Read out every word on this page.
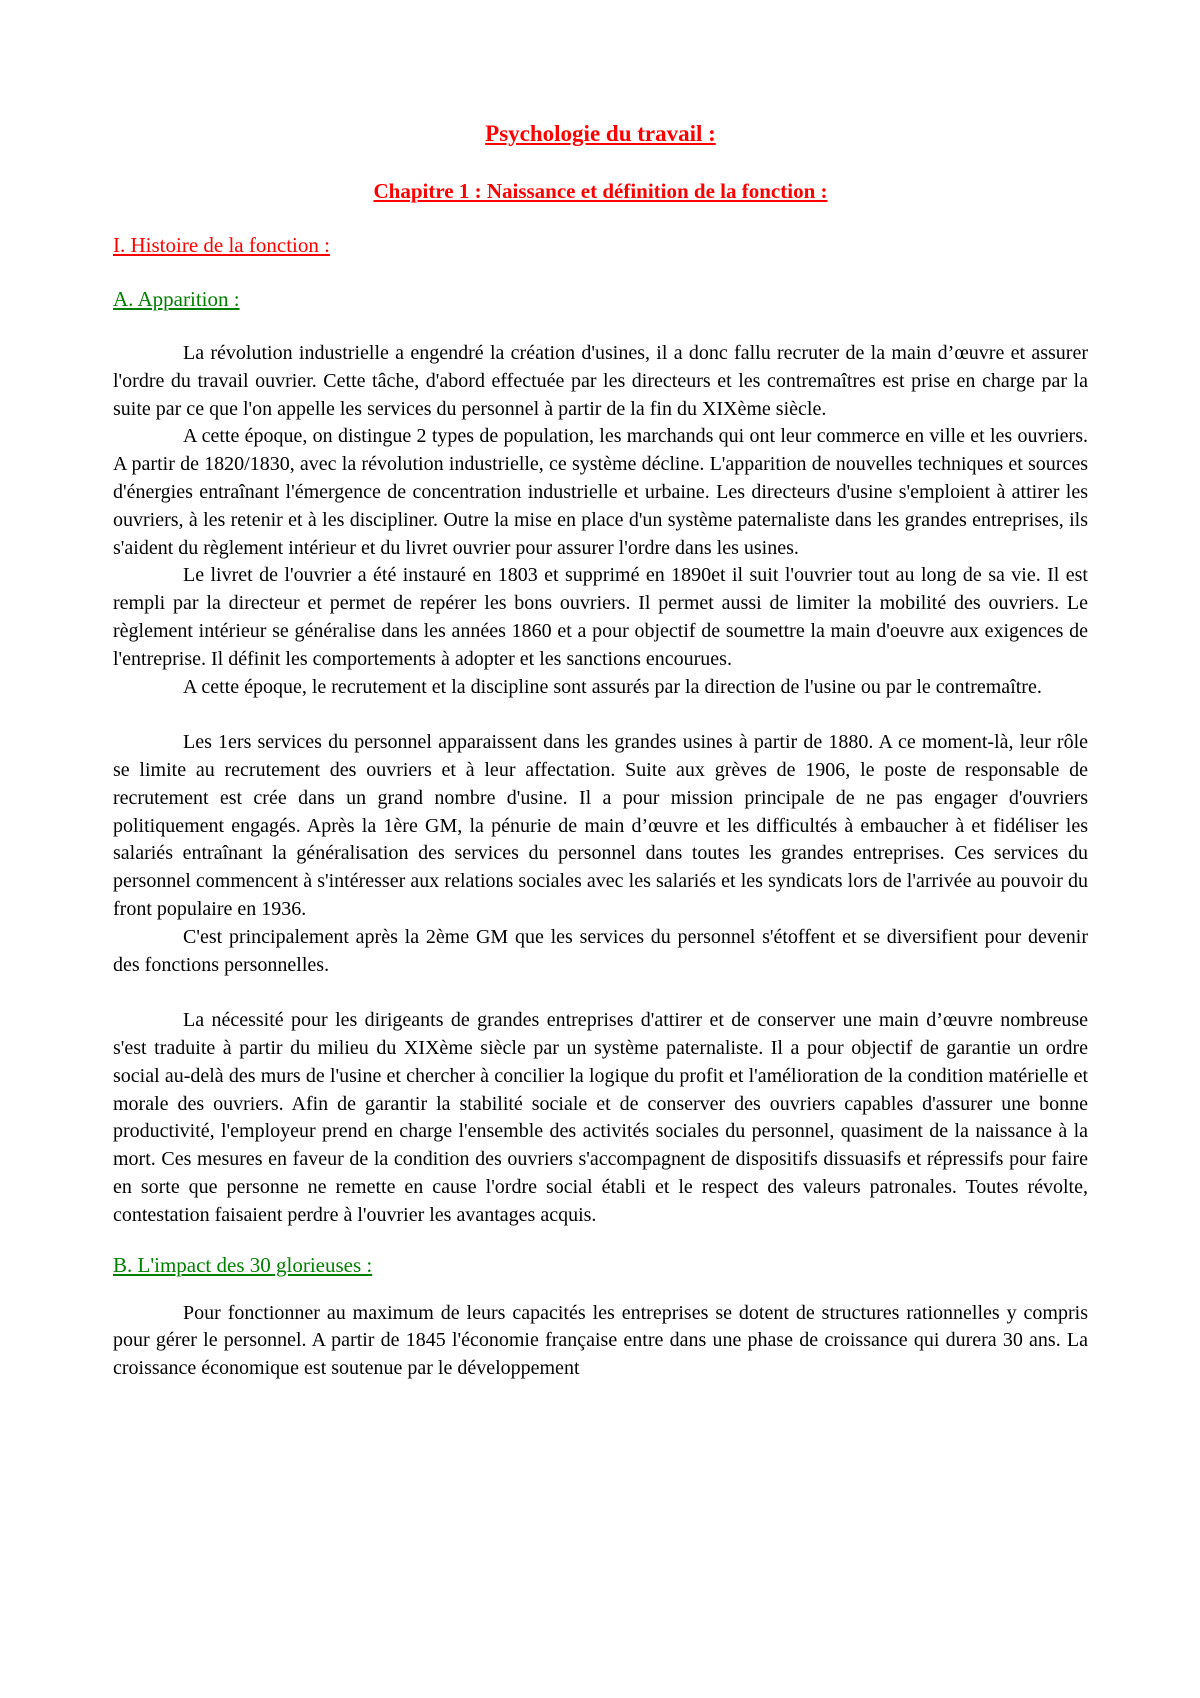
Psychologie du travail :
Chapitre 1 : Naissance et définition de la fonction :
I. Histoire de la fonction :
A. Apparition :

La révolution industrielle a engendré la création d'usines, il a donc fallu recruter de la main d’œuvre et assurer l'ordre du travail ouvrier. Cette tâche, d'abord effectuée par les directeurs et les contremaîtres est prise en charge par la suite par ce que l'on appelle les services du personnel à partir de la fin du XIXème siècle.

A cette époque, on distingue 2 types de population, les marchands qui ont leur commerce en ville et les ouvriers. A partir de 1820/1830, avec la révolution industrielle, ce système décline. L'apparition de nouvelles techniques et sources d'énergies entraînant l'émergence de concentration industrielle et urbaine. Les directeurs d'usine s'emploient à attirer les ouvriers, à les retenir et à les discipliner. Outre la mise en place d'un système paternaliste dans les grandes entreprises, ils s'aident du règlement intérieur et du livret ouvrier pour assurer l'ordre dans les usines.

Le livret de l'ouvrier a été instauré en 1803 et supprimé en 1890et il suit l'ouvrier tout au long de sa vie. Il est rempli par la directeur et permet de repérer les bons ouvriers. Il permet aussi de limiter la mobilité des ouvriers. Le règlement intérieur se généralise dans les années 1860 et a pour objectif de soumettre la main d'oeuvre aux exigences de l'entreprise. Il définit les comportements à adopter et les sanctions encourues.

A cette époque, le recrutement et la discipline sont assurés par la direction de l'usine ou par le contremaître.

Les 1ers services du personnel apparaissent dans les grandes usines à partir de 1880. A ce moment-là, leur rôle se limite au recrutement des ouvriers et à leur affectation. Suite aux grèves de 1906, le poste de responsable de recrutement est crée dans un grand nombre d'usine. Il a pour mission principale de ne pas engager d'ouvriers politiquement engagés. Après la 1ère GM, la pénurie de main d’œuvre et les difficultés à embaucher à et fidéliser les salariés entraînant la généralisation des services du personnel dans toutes les grandes entreprises. Ces services du personnel commencent à s'intéresser aux relations sociales avec les salariés et les syndicats lors de l'arrivée au pouvoir du front populaire en 1936.

C'est principalement après la 2ème GM que les services du personnel s'étoffent et se diversifient pour devenir des fonctions personnelles.

La nécessité pour les dirigeants de grandes entreprises d'attirer et de conserver une main d’œuvre nombreuse s'est traduite à partir du milieu du XIXème siècle par un système paternaliste. Il a pour objectif de garantie un ordre social au-delà des murs de l'usine et chercher à concilier la logique du profit et l'amélioration de la condition matérielle et morale des ouvriers. Afin de garantir la stabilité sociale et de conserver des ouvriers capables d'assurer une bonne productivité, l'employeur prend en charge l'ensemble des activités sociales du personnel, quasiment de la naissance à la mort. Ces mesures en faveur de la condition des ouvriers s'accompagnent de dispositifs dissuasifs et répressifs pour faire en sorte que personne ne remette en cause l'ordre social établi et le respect des valeurs patronales. Toutes révolte, contestation faisaient perdre à l'ouvrier les avantages acquis.

B. L'impact des 30 glorieuses :

Pour fonctionner au maximum de leurs capacités les entreprises se dotent de structures rationnelles y compris pour gérer le personnel. A partir de 1845 l'économie française entre dans une phase de croissance qui durera 30 ans. La croissance économique est soutenue par le développement
